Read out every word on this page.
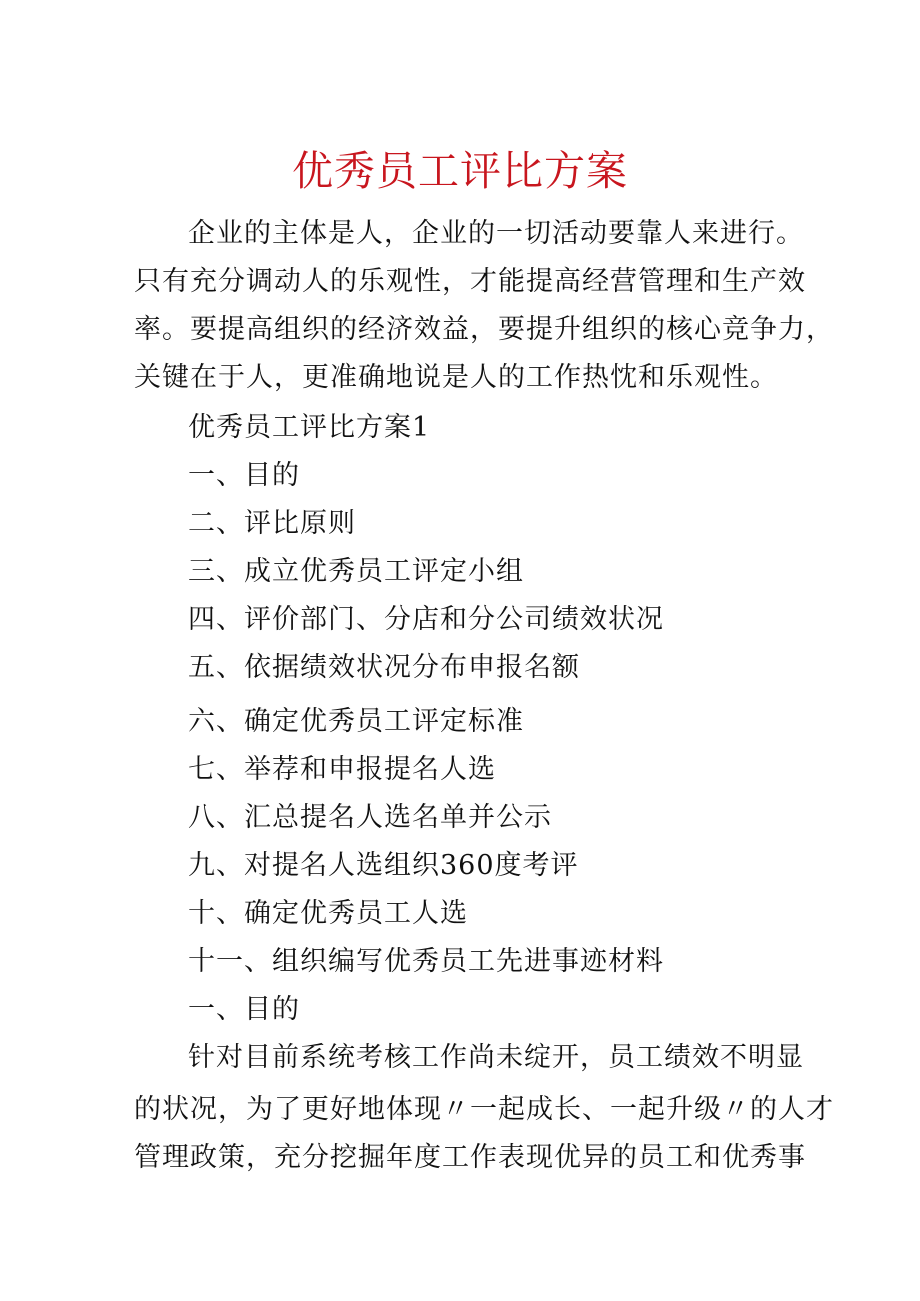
优秀员工评比方案
企业的主体是人，企业的一切活动要靠人来进行。
只有充分调动人的乐观性，才能提高经营管理和生产效
率。要提高组织的经济效益，要提升组织的核心竞争力，
关键在于人，更准确地说是人的工作热忱和乐观性。
优秀员工评比方案1
一、目的
二、评比原则
三、成立优秀员工评定小组
四、评价部门、分店和分公司绩效状况
五、依据绩效状况分布申报名额
六、确定优秀员工评定标准
七、举荐和申报提名人选
八、汇总提名人选名单并公示
九、对提名人选组织360度考评
十、确定优秀员工人选
十一、组织编写优秀员工先进事迹材料
一、目的
针对目前系统考核工作尚未绽开，员工绩效不明显
的状况，为了更好地体现〃一起成长、一起升级〃的人才
管理政策，充分挖掘年度工作表现优异的员工和优秀事
